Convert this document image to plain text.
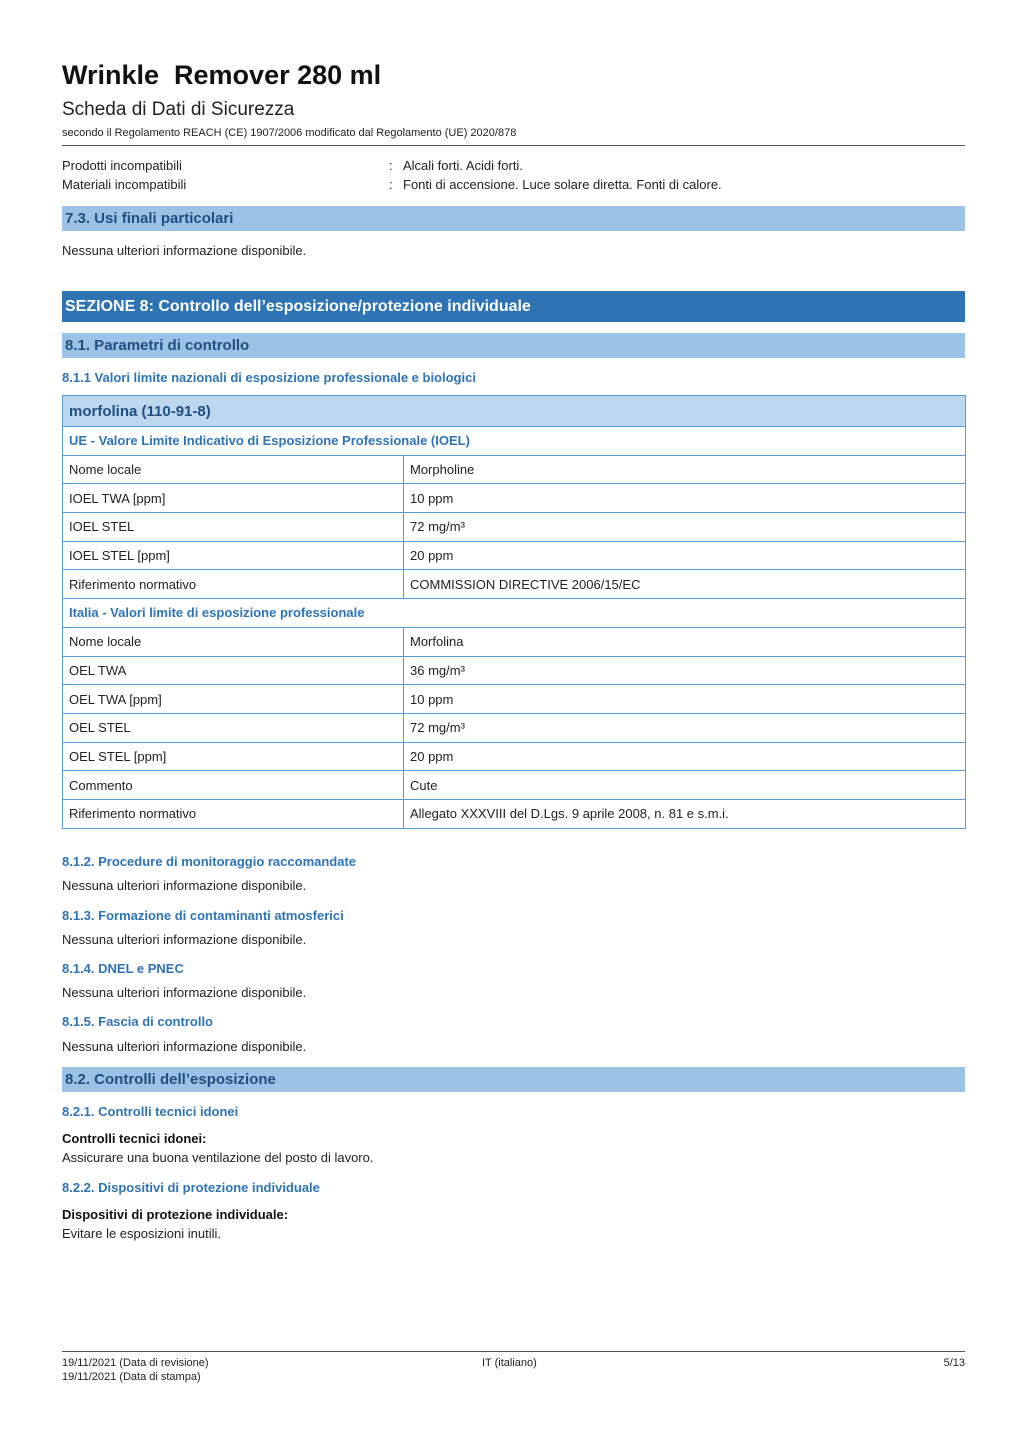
Wrinkle  Remover 280 ml
Scheda di Dati di Sicurezza
secondo il Regolamento REACH (CE) 1907/2006 modificato dal Regolamento (UE) 2020/878
Prodotti incompatibili	: Alcali forti. Acidi forti.
Materiali incompatibili	: Fonti di accensione. Luce solare diretta. Fonti di calore.
7.3. Usi finali particolari
Nessuna ulteriori informazione disponibile.
SEZIONE 8: Controllo dell’esposizione/protezione individuale
8.1. Parametri di controllo
8.1.1 Valori limite nazionali di esposizione professionale e biologici
morfolina (110-91-8)	
UE - Valore Limite Indicativo di Esposizione Professionale (IOEL)	
Nome locale	Morpholine
IOEL TWA [ppm]	10 ppm
IOEL STEL	72 mg/m³
IOEL STEL [ppm]	20 ppm
Riferimento normativo	COMMISSION DIRECTIVE 2006/15/EC
Italia - Valori limite di esposizione professionale	
Nome locale	Morfolina
OEL TWA	36 mg/m³
OEL TWA [ppm]	10 ppm
OEL STEL	72 mg/m³
OEL STEL [ppm]	20 ppm
Commento	Cute
Riferimento normativo	Allegato XXXVIII del D.Lgs. 9 aprile 2008, n. 81 e s.m.i.
8.1.2. Procedure di monitoraggio raccomandate
Nessuna ulteriori informazione disponibile.
8.1.3. Formazione di contaminanti atmosferici
Nessuna ulteriori informazione disponibile.
8.1.4. DNEL e PNEC
Nessuna ulteriori informazione disponibile.
8.1.5. Fascia di controllo
Nessuna ulteriori informazione disponibile.
8.2. Controlli dell’esposizione
8.2.1. Controlli tecnici idonei
Controlli tecnici idonei:
Assicurare una buona ventilazione del posto di lavoro.
8.2.2. Dispositivi di protezione individuale
Dispositivi di protezione individuale:
Evitare le esposizioni inutili.
19/11/2021 (Data di revisione)
19/11/2021 (Data di stampa)
IT (italiano)	5/13
